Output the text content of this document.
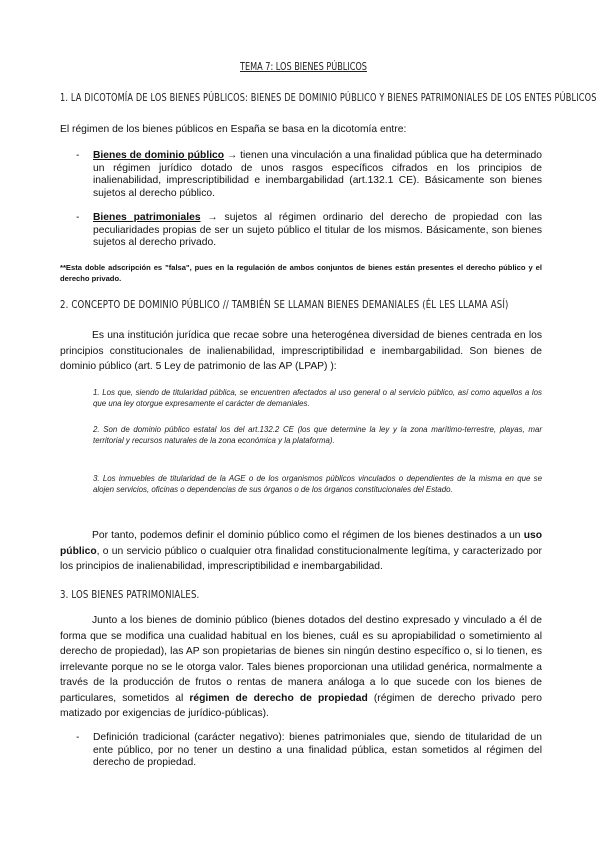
TEMA 7: LOS BIENES PÚBLICOS
1. LA DICOTOMÍA DE LOS BIENES PÚBLICOS: BIENES DE DOMINIO PÚBLICO Y BIENES PATRIMONIALES DE LOS ENTES PÚBLICOS
El régimen de los bienes públicos en España se basa en la dicotomía entre:
- Bienes de dominio público → tienen una vinculación a una finalidad pública que ha determinado un régimen jurídico dotado de unos rasgos específicos cifrados en los principios de inalienabilidad, imprescriptibilidad e inembargabilidad (art.132.1 CE). Básicamente son bienes sujetos al derecho público.
- Bienes patrimoniales → sujetos al régimen ordinario del derecho de propiedad con las peculiaridades propias de ser un sujeto público el titular de los mismos. Básicamente, son bienes sujetos al derecho privado.
**Esta doble adscripción es "falsa", pues en la regulación de ambos conjuntos de bienes están presentes el derecho público y el derecho privado.
2. CONCEPTO DE DOMINIO PÚBLICO // TAMBIÉN SE LLAMAN BIENES DEMANIALES (ÉL LES LLAMA ASÍ)
Es una institución jurídica que recae sobre una heterogénea diversidad de bienes centrada en los principios constitucionales de inalienabilidad, imprescriptibilidad e inembargabilidad. Son bienes de dominio público (art. 5 Ley de patrimonio de las AP (LPAP) ):
1. Los que, siendo de titularidad pública, se encuentren afectados al uso general o al servicio público, así como aquellos a los que una ley otorgue expresamente el carácter de demaniales.
2. Son de dominio público estatal los del art.132.2 CE (los que determine la ley y la zona marítimo-terrestre, playas, mar territorial y recursos naturales de la zona económica y la plataforma).
3. Los inmuebles de titularidad de la AGE o de los organismos públicos vinculados o dependientes de la misma en que se alojen servicios, oficinas o dependencias de sus órganos o de los órganos constitucionales del Estado.
Por tanto, podemos definir el dominio público como el régimen de los bienes destinados a un uso público, o un servicio público o cualquier otra finalidad constitucionalmente legítima, y caracterizado por los principios de inalienabilidad, imprescriptibilidad e inembargabilidad.
3. LOS BIENES PATRIMONIALES.
Junto a los bienes de dominio público (bienes dotados del destino expresado y vinculado a él de forma que se modifica una cualidad habitual en los bienes, cuál es su apropiabilidad o sometimiento al derecho de propiedad), las AP son propietarias de bienes sin ningún destino específico o, si lo tienen, es irrelevante porque no se le otorga valor. Tales bienes proporcionan una utilidad genérica, normalmente a través de la producción de frutos o rentas de manera análoga a lo que sucede con los bienes de particulares, sometidos al régimen de derecho de propiedad (régimen de derecho privado pero matizado por exigencias de jurídico-públicas).
- Definición tradicional (carácter negativo): bienes patrimoniales que, siendo de titularidad de un ente público, por no tener un destino a una finalidad pública, estan sometidos al régimen del derecho de propiedad.
